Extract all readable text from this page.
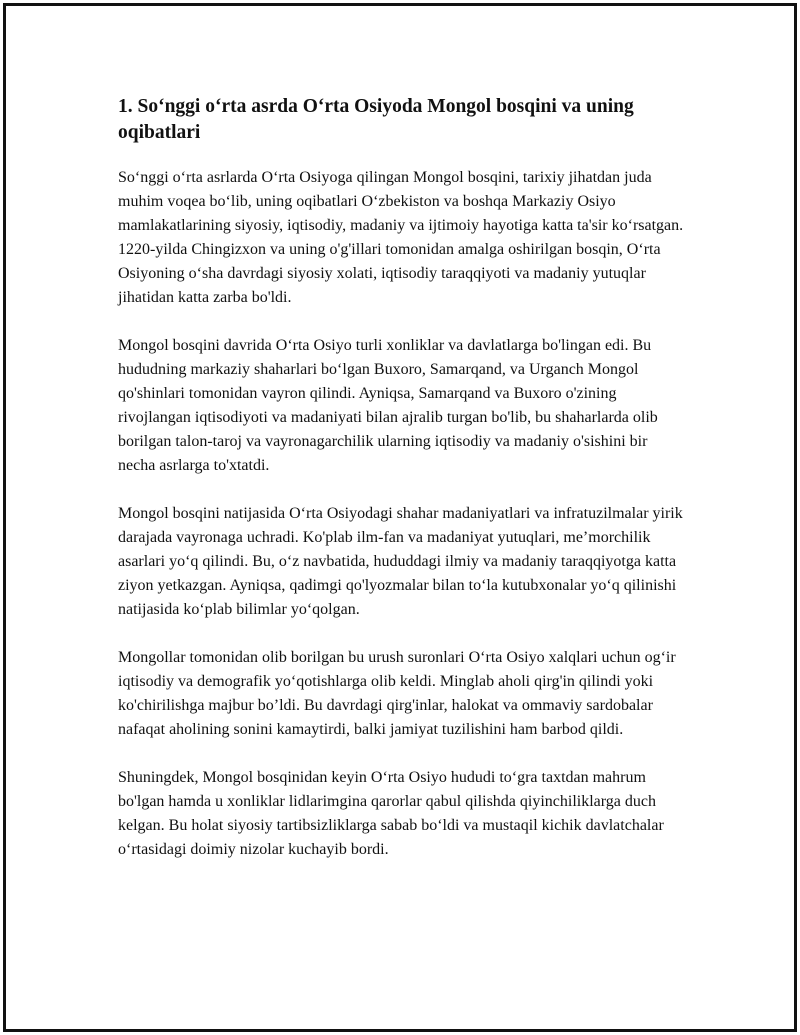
1. So‘nggi o‘rta asrda O‘rta Osiyoda Mongol bosqini va uning oqibatlari

So‘nggi o‘rta asrlarda O‘rta Osiyoga qilingan Mongol bosqini, tarixiy jihatdan juda muhim voqea bo‘lib, uning oqibatlari O‘zbekiston va boshqa Markaziy Osiyo mamlakatlarining siyosiy, iqtisodiy, madaniy va ijtimoiy hayotiga katta ta'sir ko‘rsatgan. 1220-yilda Chingizxon va uning o'g'illari tomonidan amalga oshirilgan bosqin, O‘rta Osiyoning o‘sha davrdagi siyosiy xolati, iqtisodiy taraqqiyoti va madaniy yutuqlar jihatidan katta zarba bo'ldi.

Mongol bosqini davrida O‘rta Osiyo turli xonliklar va davlatlarga bo'lingan edi. Bu hududning markaziy shaharlari bo‘lgan Buxoro, Samarqand, va Urganch Mongol qo'shinlari tomonidan vayron qilindi. Ayniqsa, Samarqand va Buxoro o'zining rivojlangan iqtisodiyoti va madaniyati bilan ajralib turgan bo'lib, bu shaharlarda olib borilgan talon-taroj va vayronagarchilik ularning iqtisodiy va madaniy o'sishini bir necha asrlarga to'xtatdi.

Mongol bosqini natijasida O‘rta Osiyodagi shahar madaniyatlari va infratuzilmalar yirik darajada vayronaga uchradi. Ko'plab ilm-fan va madaniyat yutuqlari, me’morchilik asarlari yo‘q qilindi. Bu, o‘z navbatida, hududdagi ilmiy va madaniy taraqqiyotga katta ziyon yetkazgan. Ayniqsa, qadimgi qo'lyozmalar bilan to‘la kutubxonalar yo‘q qilinishi natijasida ko‘plab bilimlar yo‘qolgan.

Mongollar tomonidan olib borilgan bu urush suronlari O‘rta Osiyo xalqlari uchun og‘ir iqtisodiy va demografik yo‘qotishlarga olib keldi. Minglab aholi qirg'in qilindi yoki ko'chirilishga majbur bo’ldi. Bu davrdagi qirg'inlar, halokat va ommaviy sardobalar nafaqat aholining sonini kamaytirdi, balki jamiyat tuzilishini ham barbod qildi.

Shuningdek, Mongol bosqinidan keyin O‘rta Osiyo hududi to‘gra taxtdan mahrum bo'lgan hamda u xonliklar lidlarimgina qarorlar qabul qilishda qiyinchiliklarga duch kelgan. Bu holat siyosiy tartibsizliklarga sabab bo‘ldi va mustaqil kichik davlatchalar o‘rtasidagi doimiy nizolar kuchayib bordi.
